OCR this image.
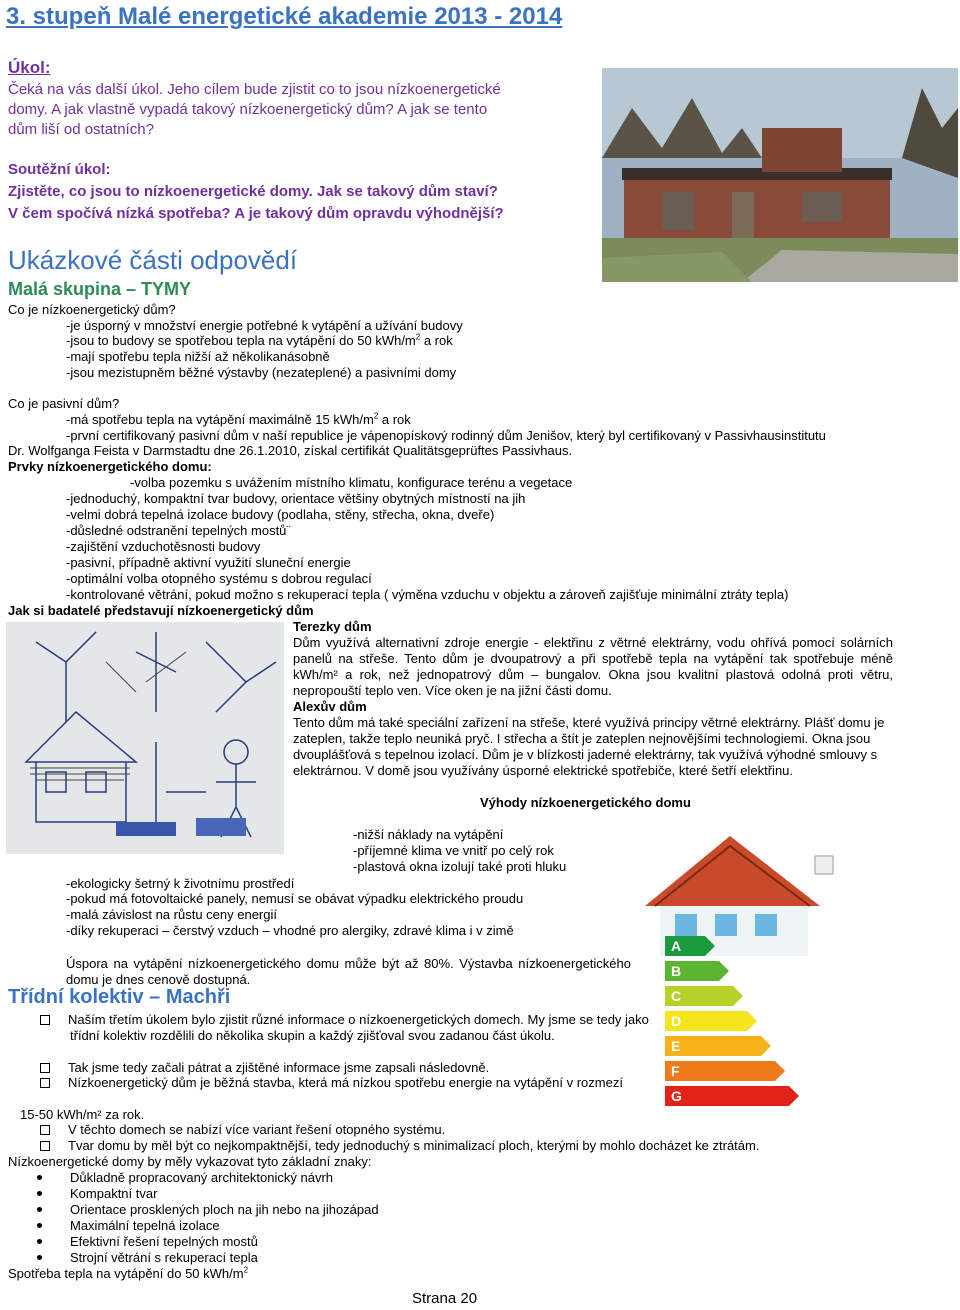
3. stupeň Malé energetické akademie 2013 - 2014
Úkol:
Čeká na vás další úkol. Jeho cílem bude zjistit co to jsou nízkoenergetické
domy. A jak vlastně vypadá takový nízkoenergetický dům? A jak se tento
dům liší od ostatních?
Soutěžní úkol:
Zjistěte, co jsou to nízkoenergetické domy. Jak se takový dům staví?
V čem spočívá nízká spotřeba? A je takový dům opravdu výhodnější?
Ukázkové části odpovědí
Malá skupina – TYMY
Co je nízkoenergetický dům?
-je úsporný v množství energie potřebné k vytápění a užívání budovy
-jsou to budovy se spotřebou tepla na vytápění do 50 kWh/$m^2$ a rok
-mají spotřebu tepla nižší až několikanásobně
-jsou mezistupněm běžné výstavby (nezateplené) a pasivními domy
Co je pasivní dům?
-má spotřebu tepla na vytápění maximálně 15 kWh/$m^2$ a rok
-první certifikovaný pasivní dům v naší republice je vápenopískový rodinný dům Jenišov, který byl certifikovaný v Passivhausinstitutu
Dr. Wolfganga Feista v Darmstadtu dne 26.1.2010, získal certifikát Qualitätsgeprüftes Passivhaus.
Prvky nízkoenergetického domu:
-volba pozemku s uvážením místního klimatu, konfigurace terénu a vegetace
-jednoduchý, kompaktní tvar budovy, orientace většiny obytných místností na jih
-velmi dobrá tepelná izolace budovy (podlaha, stěny, střecha, okna, dveře)
-důsledné odstranění tepelných mostů¨
-zajištění vzduchotěsnosti budovy
-pasivní, případně aktivní využití sluneční energie
-optimální volba otopného systému s dobrou regulací
-kontrolované větrání, pokud možno s rekuperací tepla ( výměna vzduchu v objektu a zároveň zajišťuje minimální ztráty tepla)
Jak si badatelé představují nízkoenergetický dům
Terezky dům
Dům využívá alternativní zdroje energie - elektřinu z větrné elektrárny, vodu ohřívá pomocí solárních panelů na střeše. Tento dům je dvoupatrový a při spotřebě tepla na vytápění tak spotřebuje méně kWh/m² a rok, než jednopatrový dům – bungalov. Okna jsou kvalitní plastová odolná proti větru, nepropouští teplo ven. Více oken je na jižní části domu.
Alexův dům
Tento dům má také speciální zařízení na střeše, které využívá principy větrné elektrárny. Plášť domu je zateplen, takže teplo neuniká pryč. I střecha a štít je zateplen nejnovějšími technologiemi. Okna jsou dvouplášťová s tepelnou izolací. Dům je v blízkosti jaderné elektrárny, tak využívá výhodné smlouvy s elektrárnou. V domě jsou využívány úsporné elektrické spotřebiče, které šetří elektřinu.
Výhody nízkoenergetického domu
-nižší náklady na vytápění
-příjemné klima ve vnitř po celý rok
-plastová okna izolují také proti hluku
-ekologicky šetrný k životnímu prostředí
-pokud má fotovoltaické panely, nemusí se obávat výpadku elektrického proudu
-malá závislost na růstu ceny energií
-díky rekuperaci – čerstvý vzduch – vhodné pro alergiky, zdravé klima i v zimě
Úspora na vytápění nízkoenergetického domu může být až 80%. Výstavba nízkoenergetického domu je dnes cenově dostupná.
A
B
C
D
E
F
G
Třídní kolektiv – Machři
Naším třetím úkolem bylo zjistit různé informace o nízkoenergetických domech. My jsme se tedy jako třídní kolektiv rozdělili do několika skupin a každý zjišťoval svou zadanou část úkolu.
Tak jsme tedy začali pátrat a zjištěné informace jsme zapsali následovně.
Nízkoenergetický dům je běžná stavba, která má nízkou spotřebu energie na vytápění v rozmezí
15-50 kWh/m² za rok.
V těchto domech se nabízí více variant řešení otopného systému.
Tvar domu by měl být co nejkompaktnější, tedy jednoduchý s minimalizací ploch, kterými by mohlo docházet ke ztrátám.
Nízkoenergetické domy by měly vykazovat tyto základní znaky:
Důkladně propracovaný architektonický návrh
Kompaktní tvar
Orientace prosklených ploch na jih nebo na jihozápad
Maximální tepelná izolace
Efektivní řešení tepelných mostů
Strojní větrání s rekuperací tepla
Spotřeba tepla na vytápění do 50 kWh/$m^2$
Strana 20
